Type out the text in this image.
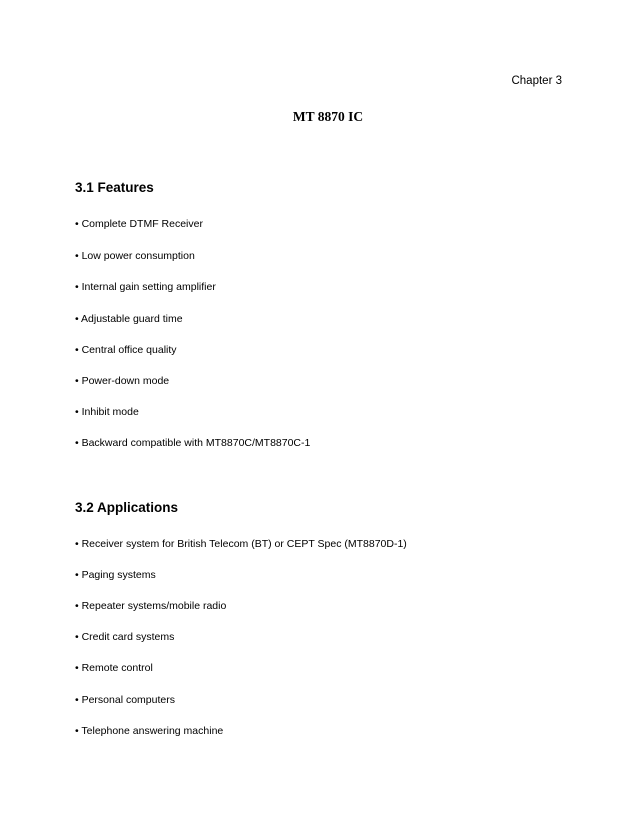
Chapter 3
MT 8870 IC
3.1 Features
• Complete DTMF Receiver
• Low power consumption
• Internal gain setting amplifier
• Adjustable guard time
• Central office quality
• Power-down mode
• Inhibit mode
• Backward compatible with MT8870C/MT8870C-1
3.2 Applications
• Receiver system for British Telecom (BT) or CEPT Spec (MT8870D-1)
• Paging systems
• Repeater systems/mobile radio
• Credit card systems
• Remote control
• Personal computers
• Telephone answering machine
